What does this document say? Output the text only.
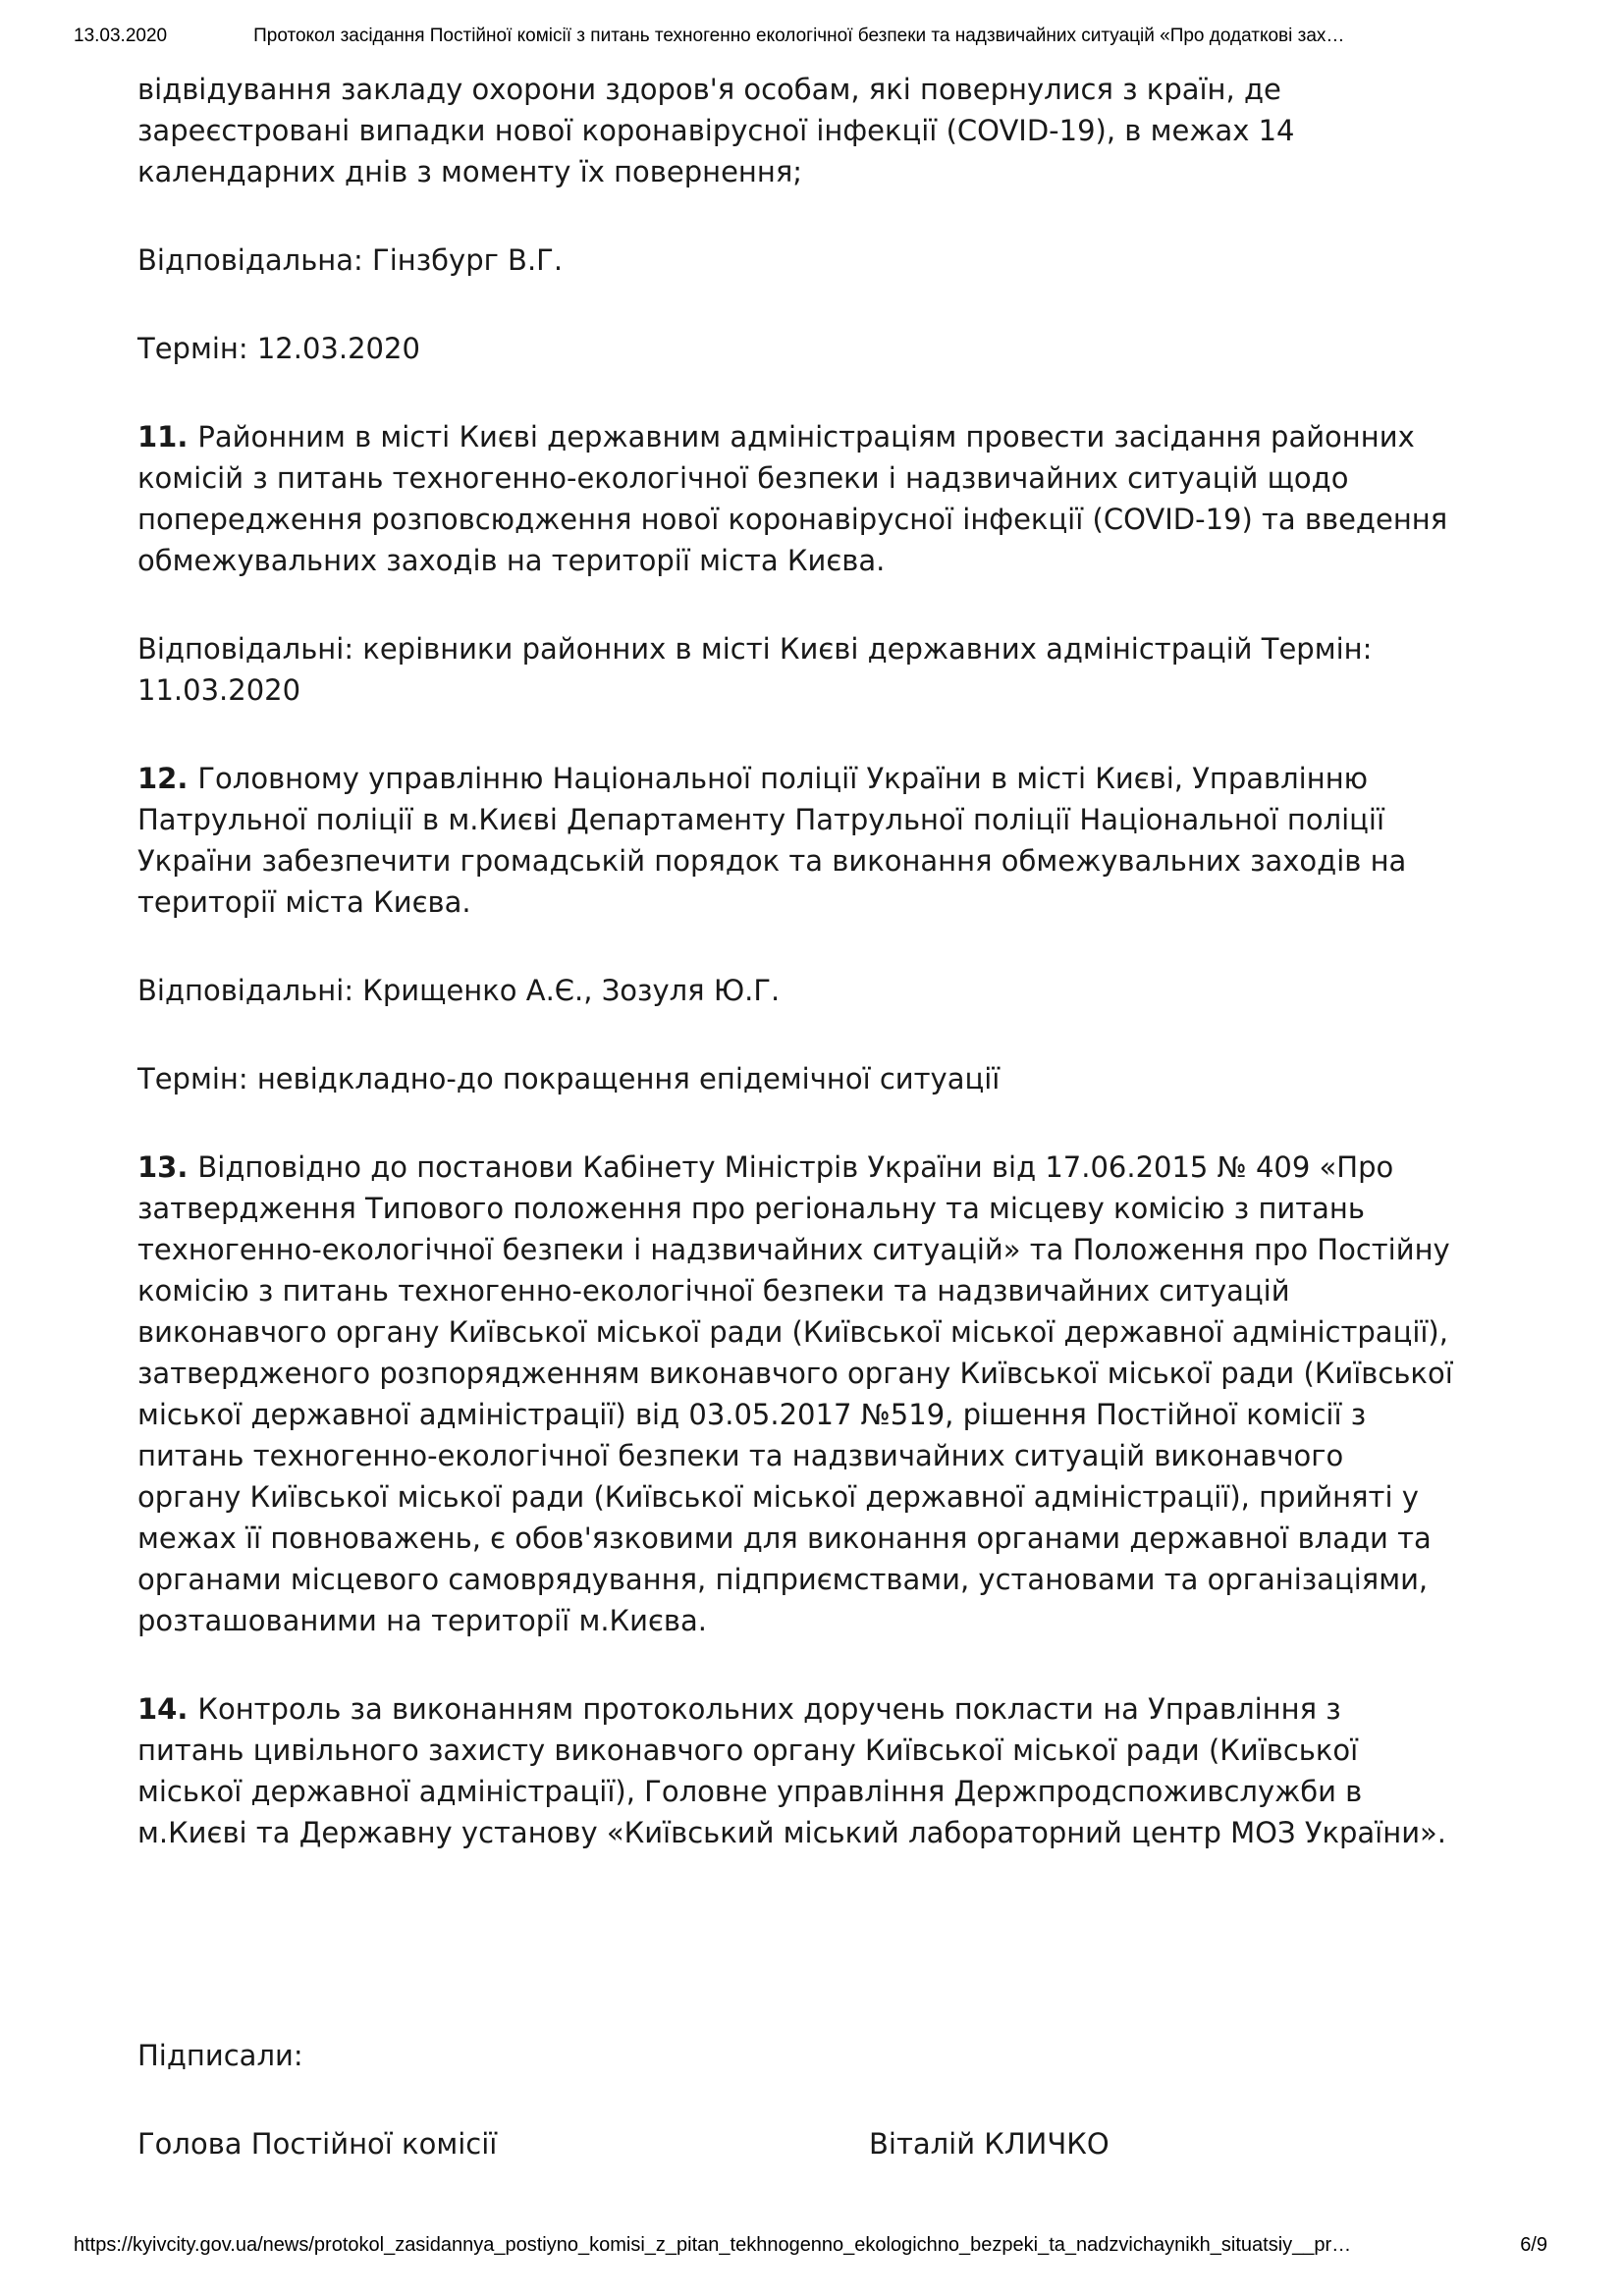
13.03.2020	Протокол засідання Постійної комісії з питань техногенно екологічної безпеки та надзвичайних ситуацій «Про додаткові зах…

відвідування закладу охорони здоров'я особам, які повернулися з країн, де зареєстровані випадки нової коронавірусної інфекції (COVID-19), в межах 14 календарних днів з моменту їх повернення;

Відповідальна: Гінзбург В.Г.

Термін: 12.03.2020

11. Районним в місті Києві державним адміністраціям провести засідання районних комісій з питань техногенно-екологічної безпеки і надзвичайних ситуацій щодо попередження розповсюдження нової коронавірусної інфекції (COVID-19) та введення обмежувальних заходів на території міста Києва.

Відповідальні: керівники районних в місті Києві державних адміністрацій Термін: 11.03.2020

12. Головному управлінню Національної поліції України в місті Києві, Управлінню Патрульної поліції в м.Києві Департаменту Патрульної поліції Національної поліції України забезпечити громадській порядок та виконання обмежувальних заходів на території міста Києва.

Відповідальні: Крищенко А.Є., Зозуля Ю.Г.

Термін: невідкладно-до покращення епідемічної ситуації

13. Відповідно до постанови Кабінету Міністрів України від 17.06.2015 № 409 «Про затвердження Типового положення про регіональну та місцеву комісію з питань техногенно-екологічної безпеки і надзвичайних ситуацій» та Положення про Постійну комісію з питань техногенно-екологічної безпеки та надзвичайних ситуацій виконавчого органу Київської міської ради (Київської міської державної адміністрації), затвердженого розпорядженням виконавчого органу Київської міської ради (Київської міської державної адміністрації) від 03.05.2017 №519, рішення Постійної комісії з питань техногенно-екологічної безпеки та надзвичайних ситуацій виконавчого органу Київської міської ради (Київської міської державної адміністрації), прийняті у межах її повноважень, є обов'язковими для виконання органами державної влади та органами місцевого самоврядування, підприємствами, установами та організаціями, розташованими на території м.Києва.

14. Контроль за виконанням протокольних доручень покласти на Управління з питань цивільного захисту виконавчого органу Київської міської ради (Київської міської державної адміністрації), Головне управління Держпродспоживслужби в м.Києві та Державну установу «Київський міський лабораторний центр МОЗ України».

Підписали:

Голова Постійної комісії	Віталій КЛИЧКО
https://kyivcity.gov.ua/news/protokol_zasidannya_postiyno_komisi_z_pitan_tekhnogenno_ekologichno_bezpeki_ta_nadzvichaynikh_situatsiy__pr…	6/9
